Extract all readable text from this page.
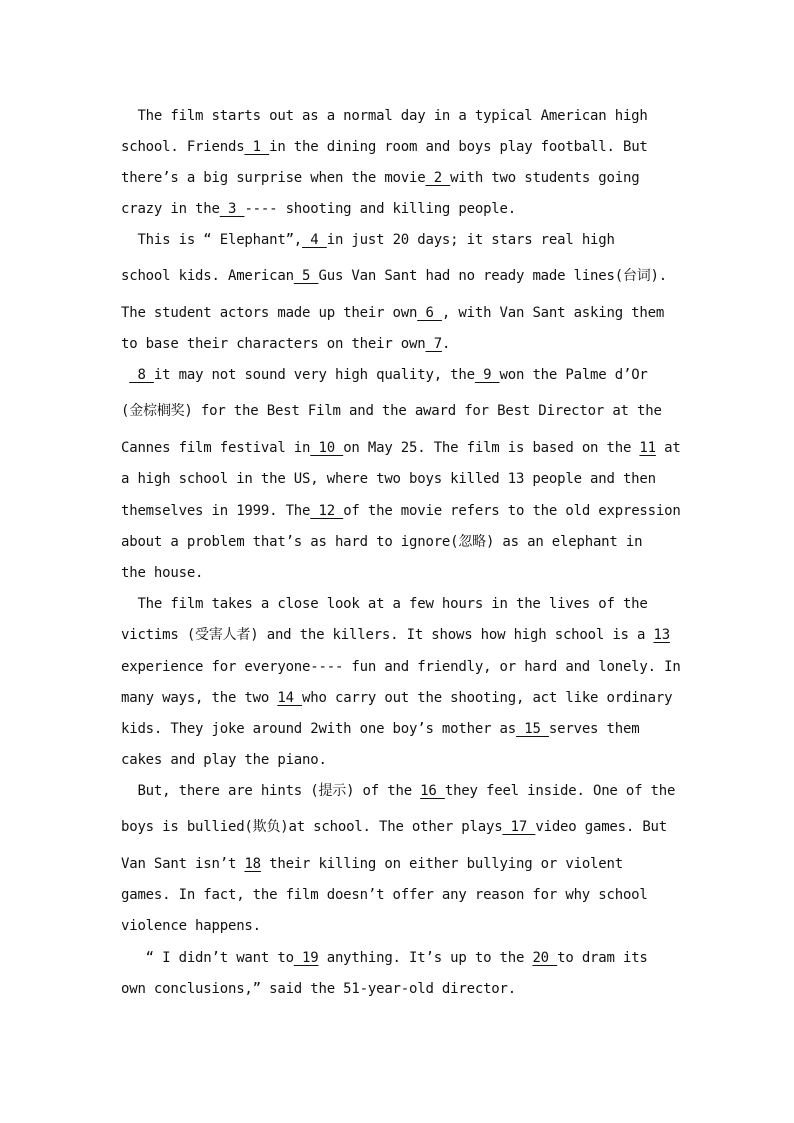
The film starts out as a normal day in a typical American high
school. Friends 1 in the dining room and boys play football. But
there’s a big surprise when the movie 2 with two students going
crazy in the 3 ---- shooting and killing people.
This is “ Elephant”, 4 in just 20 days; it stars real high
school kids. American 5 Gus Van Sant had no ready made lines(台词).
The student actors made up their own 6 , with Van Sant asking them
to base their characters on their own 7.
8 it may not sound very high quality, the 9 won the Palme d’Or
(金棕榈奖) for the Best Film and the award for Best Director at the
Cannes film festival in 10 on May 25. The film is based on the 11 at
a high school in the US, where two boys killed 13 people and then
themselves in 1999. The 12 of the movie refers to the old expression
about a problem that’s as hard to ignore(忽略) as an elephant in
the house.
The film takes a close look at a few hours in the lives of the
victims (受害人者) and the killers. It shows how high school is a 13
experience for everyone---- fun and friendly, or hard and lonely. In
many ways, the two 14 who carry out the shooting, act like ordinary
kids. They joke around 2with one boy’s mother as 15 serves them
cakes and play the piano.
But, there are hints (提示) of the 16 they feel inside. One of the
boys is bullied(欺负)at school. The other plays 17 video games. But
Van Sant isn’t 18 their killing on either bullying or violent
games. In fact, the film doesn’t offer any reason for why school
violence happens.
“ I didn’t want to 19 anything. It’s up to the 20 to dram its
own conclusions,” said the 51-year-old director.
